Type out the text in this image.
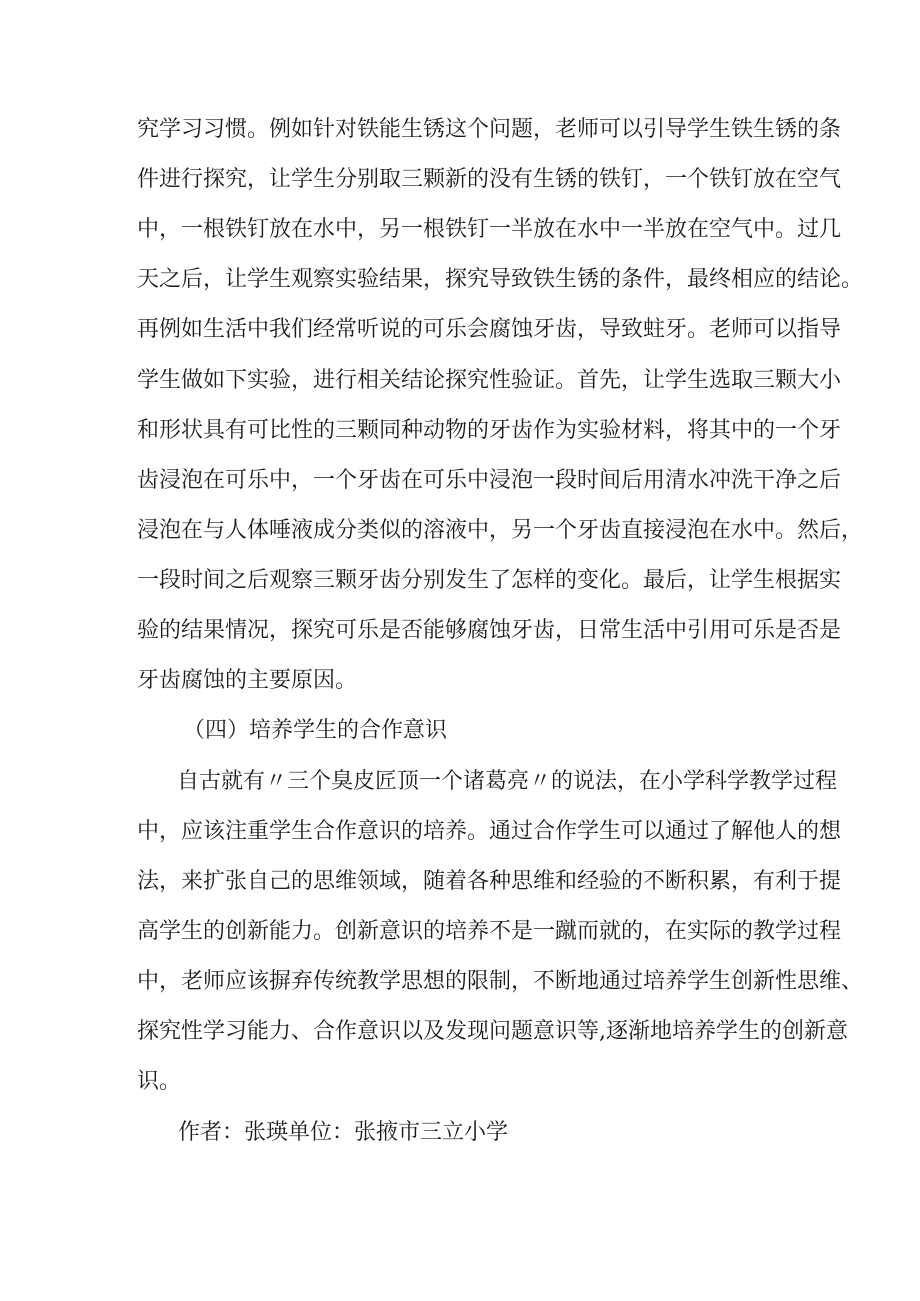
究学习习惯。例如针对铁能生锈这个问题，老师可以引导学生铁生锈的条
件进行探究，让学生分别取三颗新的没有生锈的铁钉，一个铁钉放在空气
中，一根铁钉放在水中，另一根铁钉一半放在水中一半放在空气中。过几
天之后，让学生观察实验结果，探究导致铁生锈的条件，最终相应的结论。
再例如生活中我们经常听说的可乐会腐蚀牙齿，导致蛀牙。老师可以指导
学生做如下实验，进行相关结论探究性验证。首先，让学生选取三颗大小
和形状具有可比性的三颗同种动物的牙齿作为实验材料，将其中的一个牙
齿浸泡在可乐中，一个牙齿在可乐中浸泡一段时间后用清水冲洗干净之后
浸泡在与人体唾液成分类似的溶液中，另一个牙齿直接浸泡在水中。然后，
一段时间之后观察三颗牙齿分别发生了怎样的变化。最后，让学生根据实
验的结果情况，探究可乐是否能够腐蚀牙齿，日常生活中引用可乐是否是
牙齿腐蚀的主要原因。
（四）培养学生的合作意识
自古就有〃三个臭皮匠顶一个诸葛亮〃的说法，在小学科学教学过程
中，应该注重学生合作意识的培养。通过合作学生可以通过了解他人的想
法，来扩张自己的思维领域，随着各种思维和经验的不断积累，有利于提
高学生的创新能力。创新意识的培养不是一蹴而就的，在实际的教学过程
中，老师应该摒弃传统教学思想的限制，不断地通过培养学生创新性思维、
探究性学习能力、合作意识以及发现问题意识等,逐渐地培养学生的创新意
识。
作者：张瑛单位：张掖市三立小学
